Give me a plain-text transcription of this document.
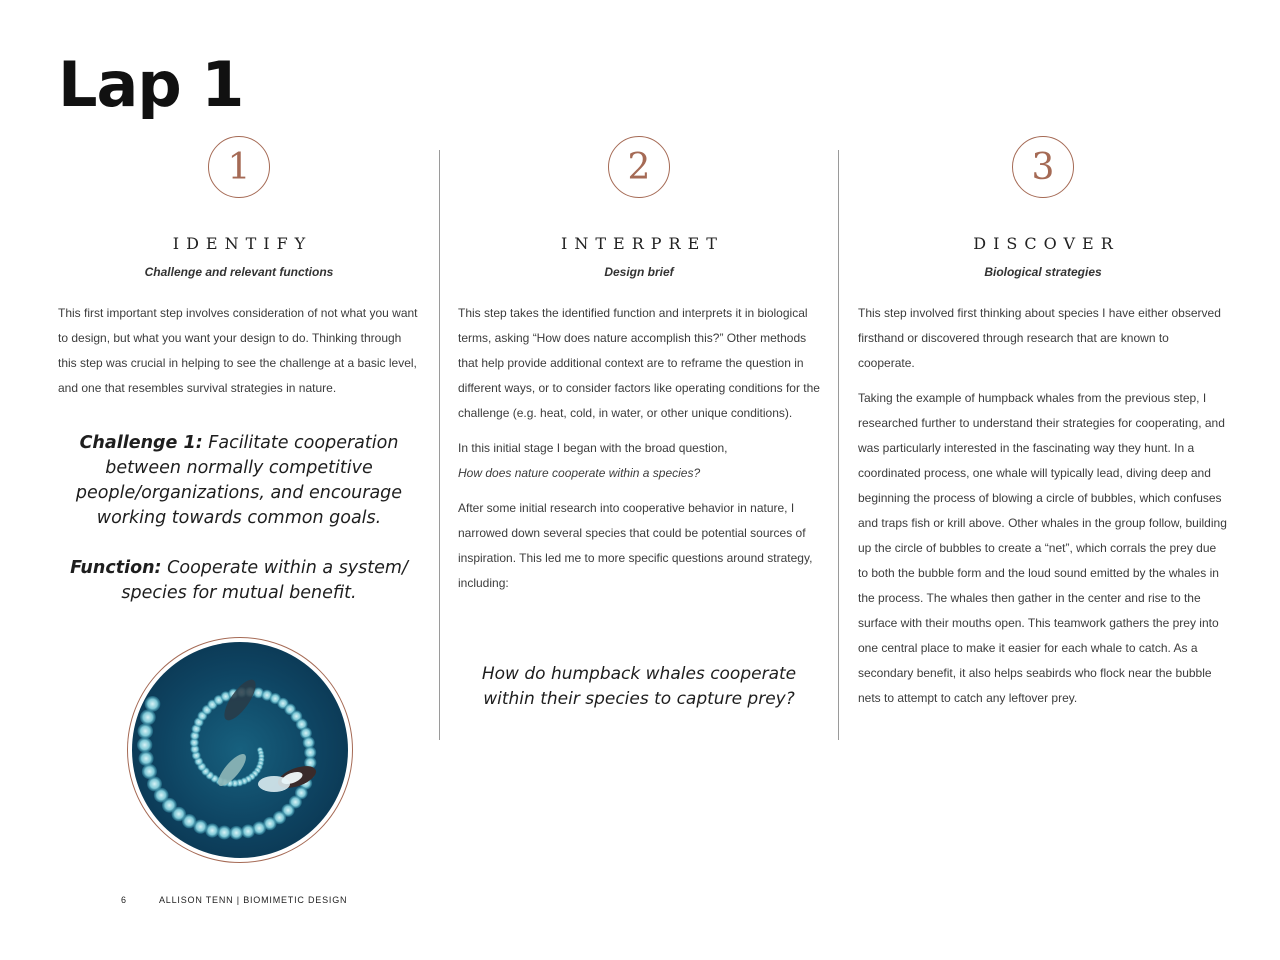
Lap 1
1
IDENTIFY
Challenge and relevant functions

This first important step involves consideration of not what you want to design, but what you want your design to do. Thinking through this step was crucial in helping to see the challenge at a basic level, and one that resembles survival strategies in nature.

Challenge 1: Facilitate cooperation between normally competitive people/organizations, and encourage working towards common goals.

Function: Cooperate within a system/ species for mutual benefit.

2
INTERPRET
Design brief

This step takes the identified function and interprets it in biological terms, asking “How does nature accomplish this?” Other methods that help provide additional context are to reframe the question in different ways, or to consider factors like operating conditions for the challenge (e.g. heat, cold, in water, or other unique conditions).

In this initial stage I began with the broad question,

How does nature cooperate within a species?

After some initial research into cooperative behavior in nature, I narrowed down several species that could be potential sources of inspiration. This led me to more specific questions around strategy, including:

How do humpback whales cooperate within their species to capture prey?

3
DISCOVER
Biological strategies

This step involved first thinking about species I have either observed firsthand or discovered through research that are known to cooperate.

Taking the example of humpback whales from the previous step, I researched further to understand their strategies for cooperating, and was particularly interested in the fascinating way they hunt. In a coordinated process, one whale will typically lead, diving deep and beginning the process of blowing a circle of bubbles, which confuses and traps fish or krill above. Other whales in the group follow, building up the circle of bubbles to create a “net”, which corrals the prey due to both the bubble form and the loud sound emitted by the whales in the process. The whales then gather in the center and rise to the surface with their mouths open. This teamwork gathers the prey into one central place to make it easier for each whale to catch. As a secondary benefit, it also helps seabirds who flock near the bubble nets to attempt to catch any leftover prey.

6	ALLISON TENN | BIOMIMETIC DESIGN
